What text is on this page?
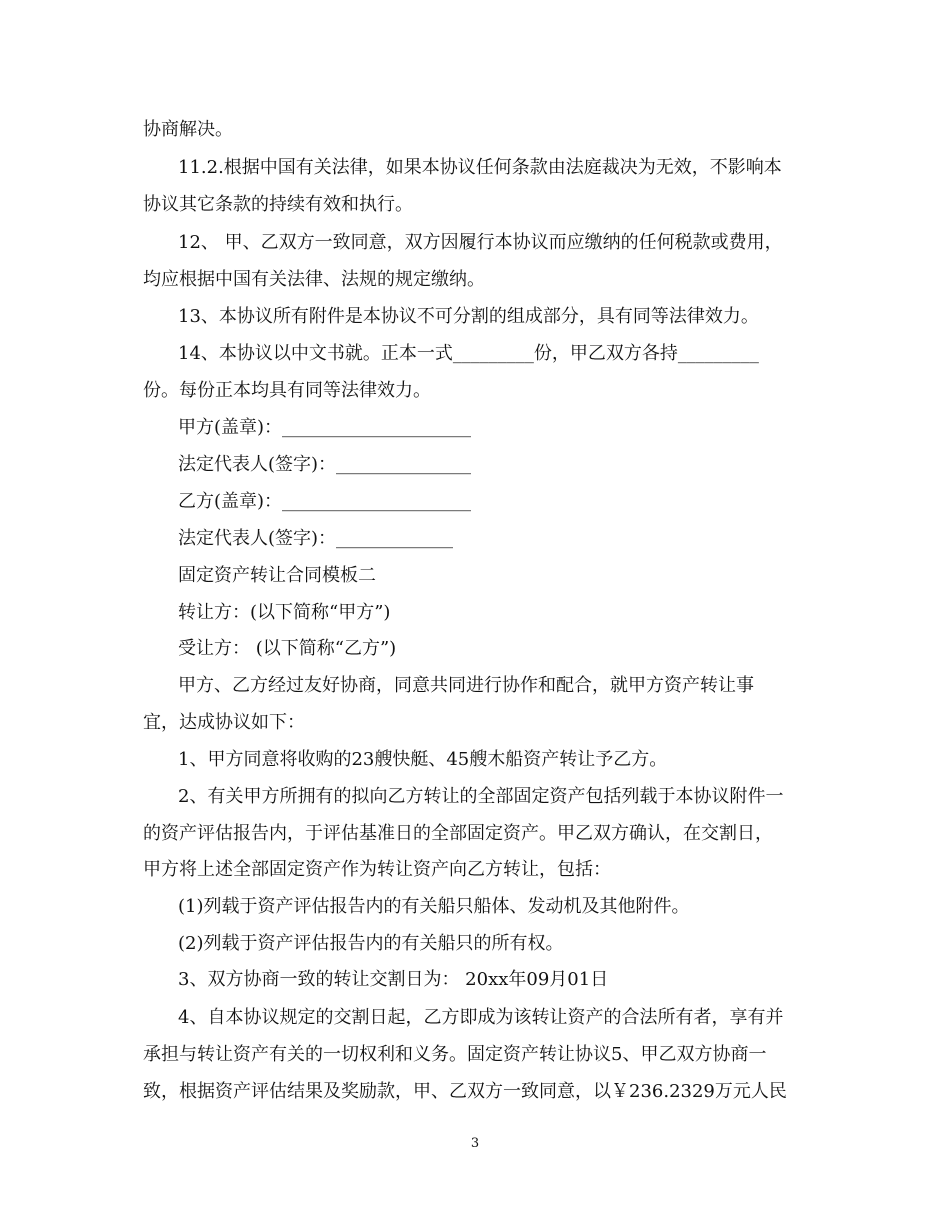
协商解决。
11.2.根据中国有关法律，如果本协议任何条款由法庭裁决为无效，不影响本
协议其它条款的持续有效和执行。
12、 甲、乙双方一致同意，双方因履行本协议而应缴纳的任何税款或费用，
均应根据中国有关法律、法规的规定缴纳。
13、本协议所有附件是本协议不可分割的组成部分，具有同等法律效力。
14、本协议以中文书就。正本一式_________份，甲乙双方各持_________
份。每份正本均具有同等法律效力。
甲方(盖章)：_____________________
法定代表人(签字)：_______________
乙方(盖章)：_____________________
法定代表人(签字)：_____________
固定资产转让合同模板二
转让方：(以下简称“甲方”)
受让方： (以下简称“乙方”)
甲方、乙方经过友好协商，同意共同进行协作和配合，就甲方资产转让事
宜，达成协议如下：
1、甲方同意将收购的23艘快艇、45艘木船资产转让予乙方。
2、有关甲方所拥有的拟向乙方转让的全部固定资产包括列载于本协议附件一
的资产评估报告内，于评估基准日的全部固定资产。甲乙双方确认，在交割日，
甲方将上述全部固定资产作为转让资产向乙方转让，包括：
(1)列载于资产评估报告内的有关船只船体、发动机及其他附件。
(2)列载于资产评估报告内的有关船只的所有权。
3、双方协商一致的转让交割日为： 20xx年09月01日
4、自本协议规定的交割日起，乙方即成为该转让资产的合法所有者，享有并
承担与转让资产有关的一切权利和义务。固定资产转让协议5、甲乙双方协商一
致，根据资产评估结果及奖励款，甲、乙双方一致同意，以￥236.2329万元人民
3
